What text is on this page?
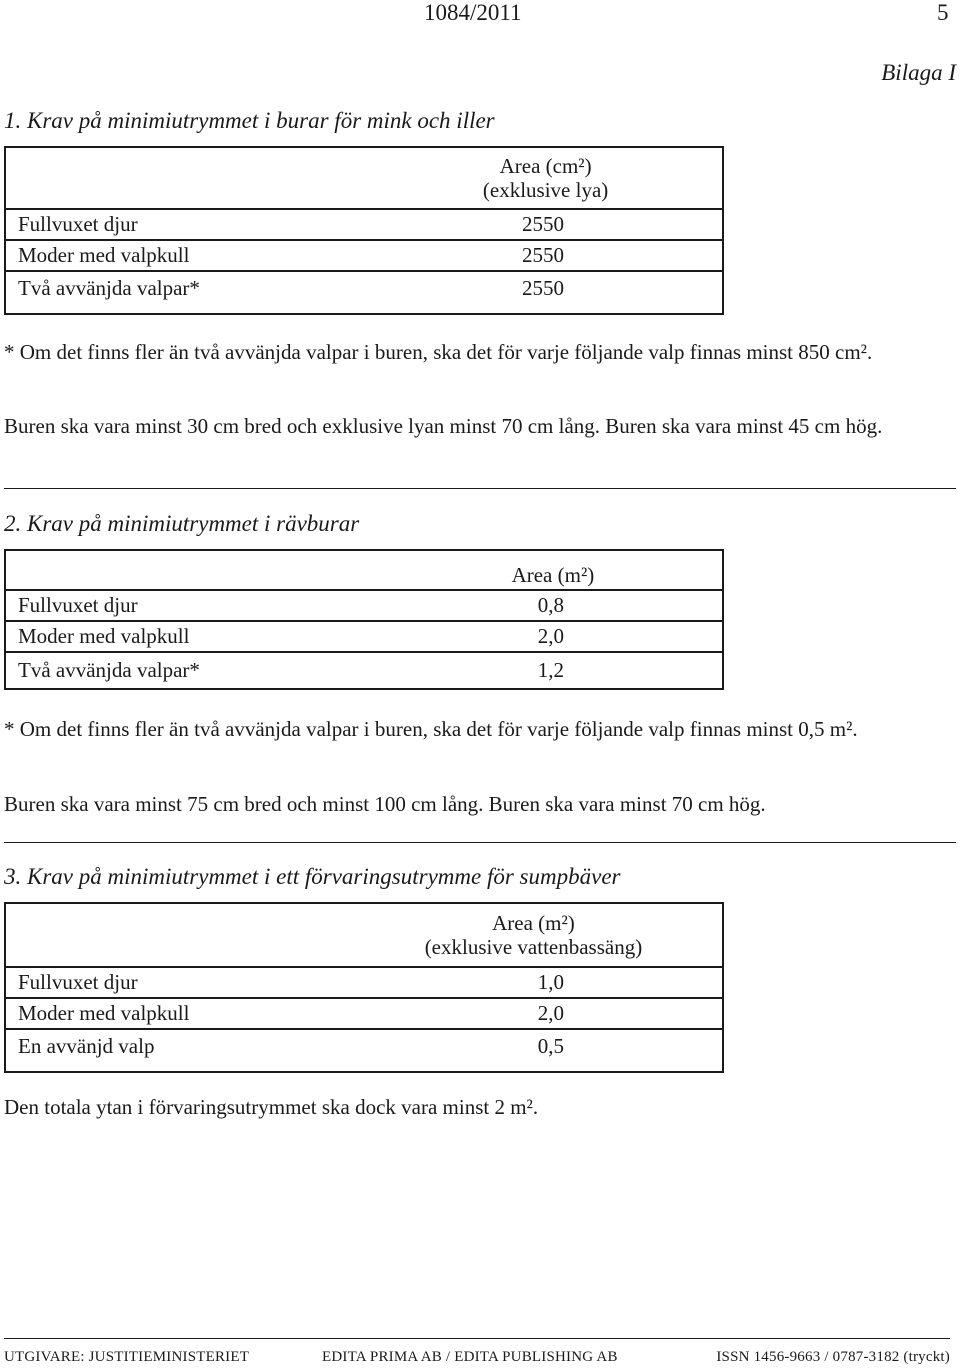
1084/2011	5
Bilaga I
1. Krav på minimiutrymmet i burar för mink och iller

	Area (cm²)
(exklusive lya)

Fullvuxet djur	2550
Moder med valpkull	2550
Två avvänjda valpar*	2550
* Om det finns fler än två avvänjda valpar i buren, ska det för varje följande valp finnas minst 850 cm².
Buren ska vara minst 30 cm bred och exklusive lyan minst 70 cm lång. Buren ska vara minst 45 cm hög.
2. Krav på minimiutrymmet i rävburar

	Area (m²)

Fullvuxet djur	0,8
Moder med valpkull	2,0
Två avvänjda valpar*	1,2
* Om det finns fler än två avvänjda valpar i buren, ska det för varje följande valp finnas minst 0,5 m².
Buren ska vara minst 75 cm bred och minst 100 cm lång. Buren ska vara minst 70 cm hög.
3. Krav på minimiutrymmet i ett förvaringsutrymme för sumpbäver

	Area (m²)
(exklusive vattenbassäng)

Fullvuxet djur	1,0
Moder med valpkull	2,0
En avvänjd valp	0,5
Den totala ytan i förvaringsutrymmet ska dock vara minst 2 m².
UTGIVARE: JUSTITIEMINISTERIET	EDITA PRIMA AB / EDITA PUBLISHING AB	ISSN 1456-9663 / 0787-3182 (tryckt)
